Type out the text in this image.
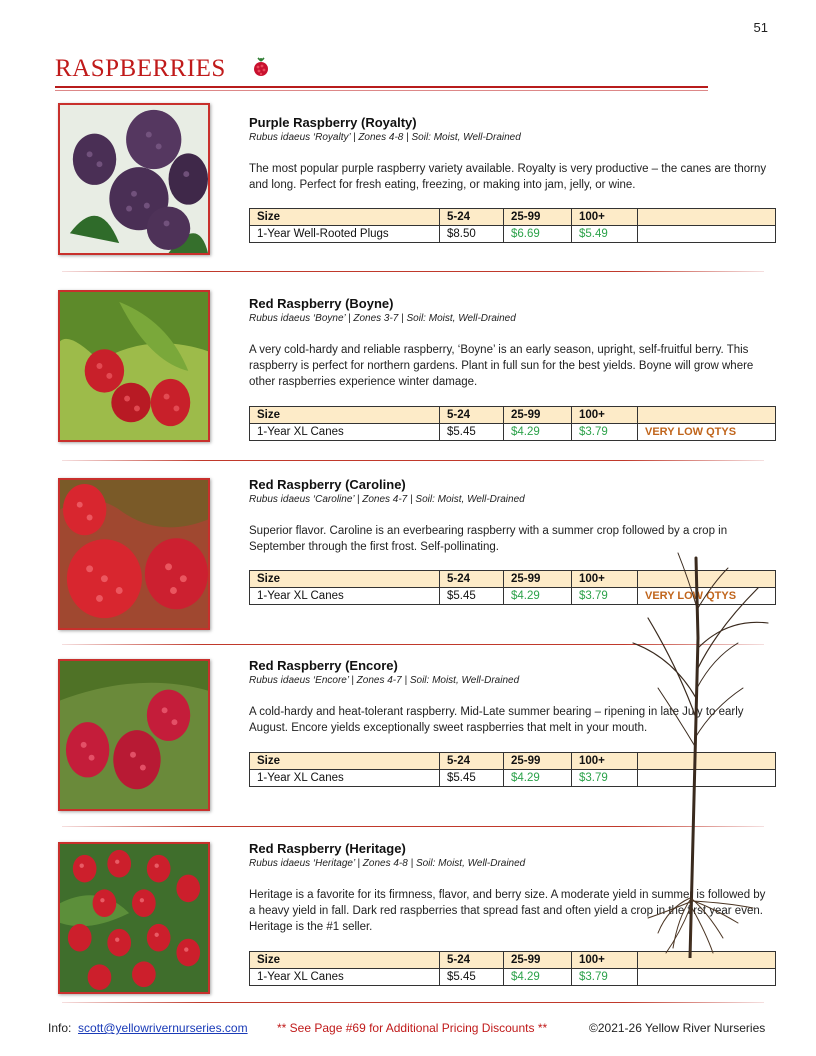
51
RASPBERRIES
Purple Raspberry (Royalty)
Rubus idaeus ‘Royalty’ | Zones 4-8 | Soil: Moist, Well-Drained
The most popular purple raspberry variety available. Royalty is very productive – the canes are thorny and long. Perfect for fresh eating, freezing, or making into jam, jelly, or wine.
Size	5-24	25-99	100+	
1-Year Well-Rooted Plugs	$8.50	$6.69	$5.49	
Red Raspberry (Boyne)
Rubus idaeus ‘Boyne’ | Zones 3-7 | Soil: Moist, Well-Drained
A very cold-hardy and reliable raspberry, ‘Boyne’ is an early season, upright, self-fruitful berry. This raspberry is perfect for northern gardens. Plant in full sun for the best yields. Boyne will grow where other raspberries experience winter damage.
Size	5-24	25-99	100+	
1-Year XL Canes	$5.45	$4.29	$3.79	VERY LOW QTYS
Red Raspberry (Caroline)
Rubus idaeus ‘Caroline’ | Zones 4-7 | Soil: Moist, Well-Drained
Superior flavor. Caroline is an everbearing raspberry with a summer crop followed by a crop in September through the first frost. Self-pollinating.
Size	5-24	25-99	100+	
1-Year XL Canes	$5.45	$4.29	$3.79	VERY LOW QTYS
Red Raspberry (Encore)
Rubus idaeus ‘Encore’ | Zones 4-7 | Soil: Moist, Well-Drained
A cold-hardy and heat-tolerant raspberry. Mid-Late summer bearing – ripening in late July to early August. Encore yields exceptionally sweet raspberries that melt in your mouth.
Size	5-24	25-99	100+	
1-Year XL Canes	$5.45	$4.29	$3.79	
Red Raspberry (Heritage)
Rubus idaeus ‘Heritage’ | Zones 4-8 | Soil: Moist, Well-Drained
Heritage is a favorite for its firmness, flavor, and berry size. A moderate yield in summer is followed by a heavy yield in fall. Dark red raspberries that spread fast and often yield a crop in the first year even. Heritage is the #1 seller.
Size	5-24	25-99	100+	
1-Year XL Canes	$5.45	$4.29	$3.79	
Info: scott@yellowrivernurseries.com ** See Page #69 for Additional Pricing Discounts **	©2021-26 Yellow River Nurseries
